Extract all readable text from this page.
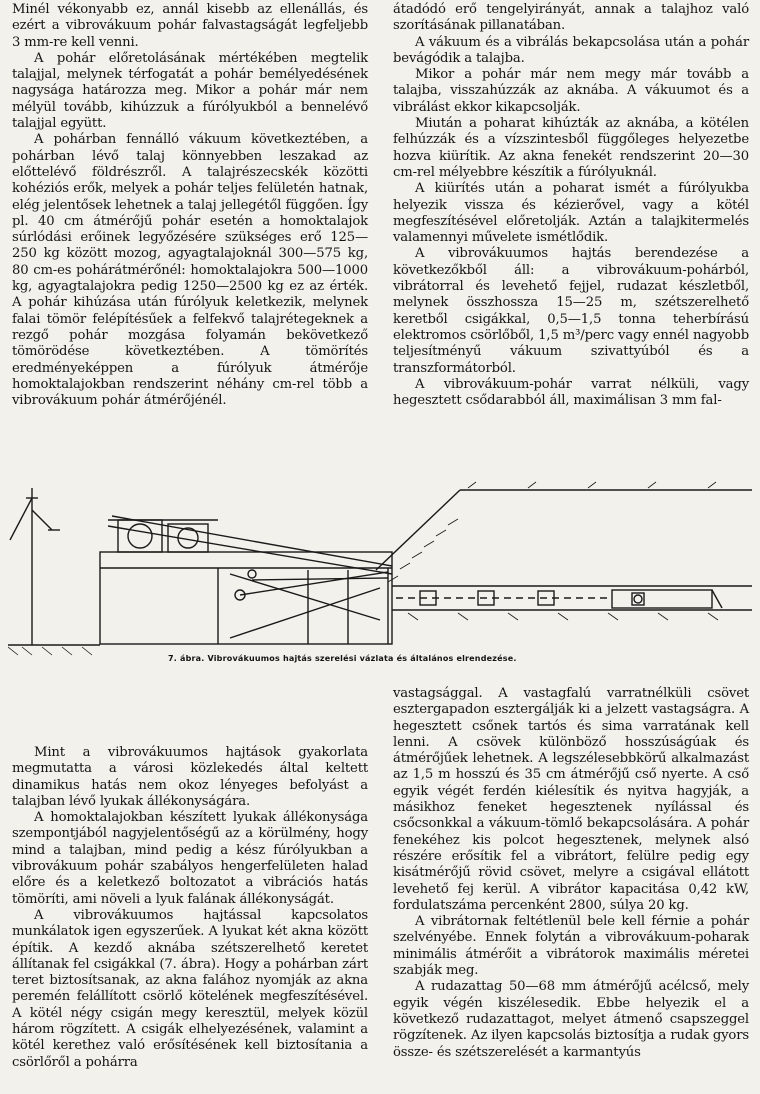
Minél vékonyabb ez, annál kisebb az ellenállás, és ezért a vibrovákuum pohár falvastagságát legfeljebb 3 mm-re kell venni.

A pohár előretolásának mértékében megtelik talajjal, melynek térfogatát a pohár bemélyedésének nagysága határozza meg. Mikor a pohár már nem mélyül tovább, kihúzzuk a fúrólyukból a bennelévő talajjal együtt.

A pohárban fennálló vákuum következtében, a pohárban lévő talaj könnyebben leszakad az előttelévő földrészről. A talajrészecskék közötti kohéziós erők, melyek a pohár teljes felületén hatnak, elég jelentősek lehetnek a talaj jellegétől függően. Így pl. 40 cm átmérőjű pohár esetén a homoktalajok súrlódási erőinek legyőzésére szükséges erő 125—250 kg között mozog, agyagtalajoknál 300—575 kg, 80 cm-es pohárátmérőnél: homoktalajokra 500—1000 kg, agyagtalajokra pedig 1250—2500 kg ez az érték. A pohár kihúzása után fúrólyuk keletkezik, melynek falai tömör felépítésűek a felfekvő talajrétegeknek a rezgő pohár mozgása folyamán bekövetkező tömörödése következtében. A tömörítés eredményeképpen a fúrólyuk átmérője homoktalajokban rendszerint néhány cm-rel több a vibrovákuum pohár átmérőjénél.

átadódó erő tengelyirányát, annak a talajhoz való szorításának pillanatában.

A vákuum és a vibrálás bekapcsolása után a pohár bevágódik a talajba.

Mikor a pohár már nem megy már tovább a talajba, visszahúzzák az aknába. A vákuumot és a vibrálást ekkor kikapcsolják.

Miután a poharat kihúzták az aknába, a kötélen felhúzzák és a vízszintesből függőleges helyezetbe hozva kiürítik. Az akna fenekét rendszerint 20—30 cm-rel mélyebbre készítik a fúrólyuknál.

A kiürítés után a poharat ismét a fúrólyukba helyezik vissza és kézierővel, vagy a kötél megfeszítésével előretolják. Aztán a talajkitermelés valamennyi művelete ismétlődik.

A vibrovákuumos hajtás berendezése a következőkből áll: a vibrovákuum-pohárból, vibrátorral és levehető fejjel, rudazat készletből, melynek összhossza 15—25 m, szétszerelhető keretből csigákkal, 0,5—1,5 tonna teherbírású elektromos csörlőből, 1,5 m³/perc vagy ennél nagyobb teljesítményű vákuum szivattyúból és a transzformátorból.

A vibrovákuum-pohár varrat nélküli, vagy hegesztett csődarabból áll, maximálisan 3 mm fal-

7. ábra. Vibrovákuumos hajtás szerelési vázlata és általános elrendezése.

Mint a vibrovákuumos hajtások gyakorlata megmutatta a városi közlekedés által keltett dinamikus hatás nem okoz lényeges befolyást a talajban lévő lyukak állékonyságára.

A homoktalajokban készített lyukak állékonysága szempontjából nagyjelentőségű az a körülmény, hogy mind a talajban, mind pedig a kész fúrólyukban a vibrovákuum pohár szabályos hengerfelületen halad előre és a keletkező boltozatot a vibrációs hatás tömöríti, ami növeli a lyuk falának állékonyságát.

A vibrovákuumos hajtással kapcsolatos munkálatok igen egyszerűek. A lyukat két akna között építik. A kezdő aknába szétszerelhető keretet állítanak fel csigákkal (7. ábra). Hogy a pohárban zárt teret biztosítsanak, az akna falához nyomják az akna peremén felállított csörlő kötelének megfeszítésével. A kötél négy csigán megy keresztül, melyek közül három rögzített. A csigák elhelyezésének, valamint a kötél kerethez való erősítésének kell biztosítania a csörlőről a pohárra

vastagsággal. A vastagfalú varratnélküli csövet esztergapadon esztergálják ki a jelzett vastagságra. A hegesztett csőnek tartós és sima varratának kell lenni. A csövek különböző hosszúságúak és átmérőjűek lehetnek. A legszélesebbkörű alkalmazást az 1,5 m hosszú és 35 cm átmérőjű cső nyerte. A cső egyik végét ferdén kiélesítik és nyitva hagyják, a másikhoz feneket hegesztenek nyílással és csőcsonkkal a vákuum-tömlő bekapcsolására. A pohár fenekéhez kis polcot hegesztenek, melynek alsó részére erősítik fel a vibrátort, felülre pedig egy kisátmérőjű rövid csövet, melyre a csigával ellátott levehető fej kerül. A vibrátor kapacitása 0,42 kW, fordulatszáma percenként 2800, súlya 20 kg.

A vibrátornak feltétlenül bele kell férnie a pohár szelvényébe. Ennek folytán a vibrovákuum-poharak minimális átmérőit a vibrátorok maximális méretei szabják meg.

A rudazattag 50—68 mm átmérőjű acélcső, mely egyik végén kiszélesedik. Ebbe helyezik el a következő rudazattagot, melyet átmenő csapszeggel rögzítenek. Az ilyen kapcsolás biztosítja a rudak gyors össze- és szétszerelését a karmantyús
